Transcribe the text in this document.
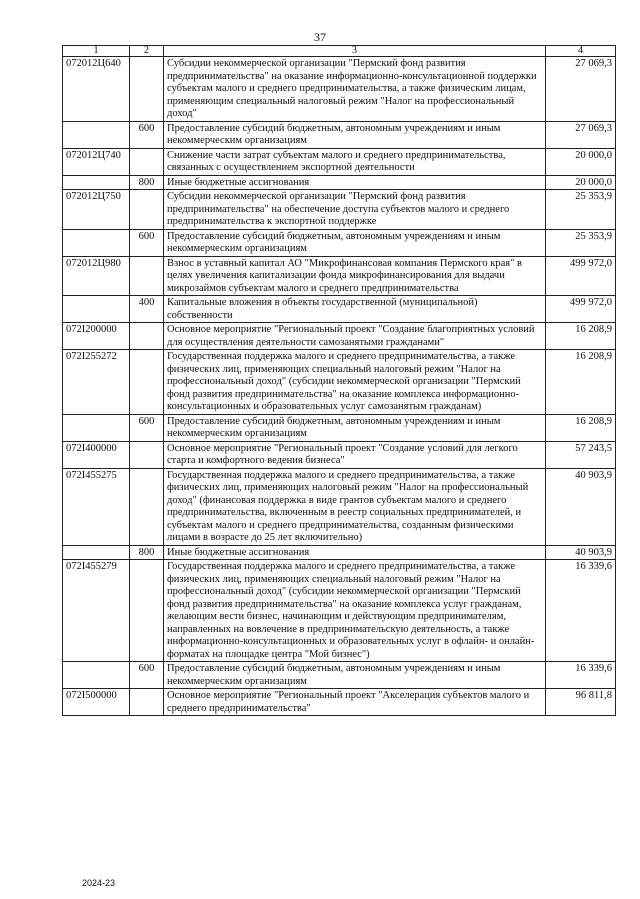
37
1	2	3	4
072012Ц640		Субсидии некоммерческой организации "Пермский фонд развития предпринимательства" на оказание информационно-консультационной поддержки субъектам малого и среднего предпринимательства, а также физическим лицам, применяющим специальный налоговый режим "Налог на профессиональный доход"	27 069,3
	600	Предоставление субсидий бюджетным, автономным учреждениям и иным некоммерческим организациям	27 069,3
072012Ц740		Снижение части затрат субъектам малого и среднего предпринимательства, связанных с осуществлением экспортной деятельности	20 000,0
	800	Иные бюджетные ассигнования	20 000,0
072012Ц750		Субсидии некоммерческой организации "Пермский фонд развития предпринимательства" на обеспечение доступа субъектов малого и среднего предпринимательства к экспортной поддержке	25 353,9
	600	Предоставление субсидий бюджетным, автономным учреждениям и иным некоммерческим организациям	25 353,9
072012Ц980		Взнос в уставный капитал АО "Микрофинансовая компания Пермского края" в целях увеличения капитализации фонда микрофинансирования для выдачи микрозаймов субъектам малого и среднего предпринимательства	499 972,0
	400	Капитальные вложения в объекты государственной (муниципальной) собственности	499 972,0
072I200000		Основное мероприятие "Региональный проект "Создание благоприятных условий для осуществления деятельности самозанятыми гражданами"	16 208,9
072I255272		Государственная поддержка малого и среднего предпринимательства, а также физических лиц, применяющих специальный налоговый режим "Налог на профессиональный доход" (субсидии некоммерческой организации "Пермский фонд развития предпринимательства" на оказание комплекса информационно-консультационных и образовательных услуг самозанятым гражданам)	16 208,9
	600	Предоставление субсидий бюджетным, автономным учреждениям и иным некоммерческим организациям	16 208,9
072I400000		Основное мероприятие "Региональный проект "Создание условий для легкого старта и комфортного ведения бизнеса"	57 243,5
072I455275		Государственная поддержка малого и среднего предпринимательства, а также физических лиц, применяющих налоговый режим "Налог на профессиональный доход" (финансовая поддержка в виде грантов субъектам малого и среднего предпринимательства, включенным в реестр социальных предпринимателей, и субъектам малого и среднего предпринимательства, созданным физическими лицами в возрасте до 25 лет включительно)	40 903,9
	800	Иные бюджетные ассигнования	40 903,9
072I455279		Государственная поддержка малого и среднего предпринимательства, а также физических лиц, применяющих специальный налоговый режим "Налог на профессиональный доход" (субсидии некоммерческой организации "Пермский фонд развития предпринимательства" на оказание комплекса услуг гражданам, желающим вести бизнес, начинающим и действующим предпринимателям, направленных на вовлечение в предпринимательскую деятельность, а также информационно-консультационных и образовательных услуг в офлайн- и онлайн-форматах на площадке центра "Мой бизнес")	16 339,6
	600	Предоставление субсидий бюджетным, автономным учреждениям и иным некоммерческим организациям	16 339,6
072I500000		Основное мероприятие "Региональный проект "Акселерация субъектов малого и среднего предпринимательства"	96 811,8
2024-23
